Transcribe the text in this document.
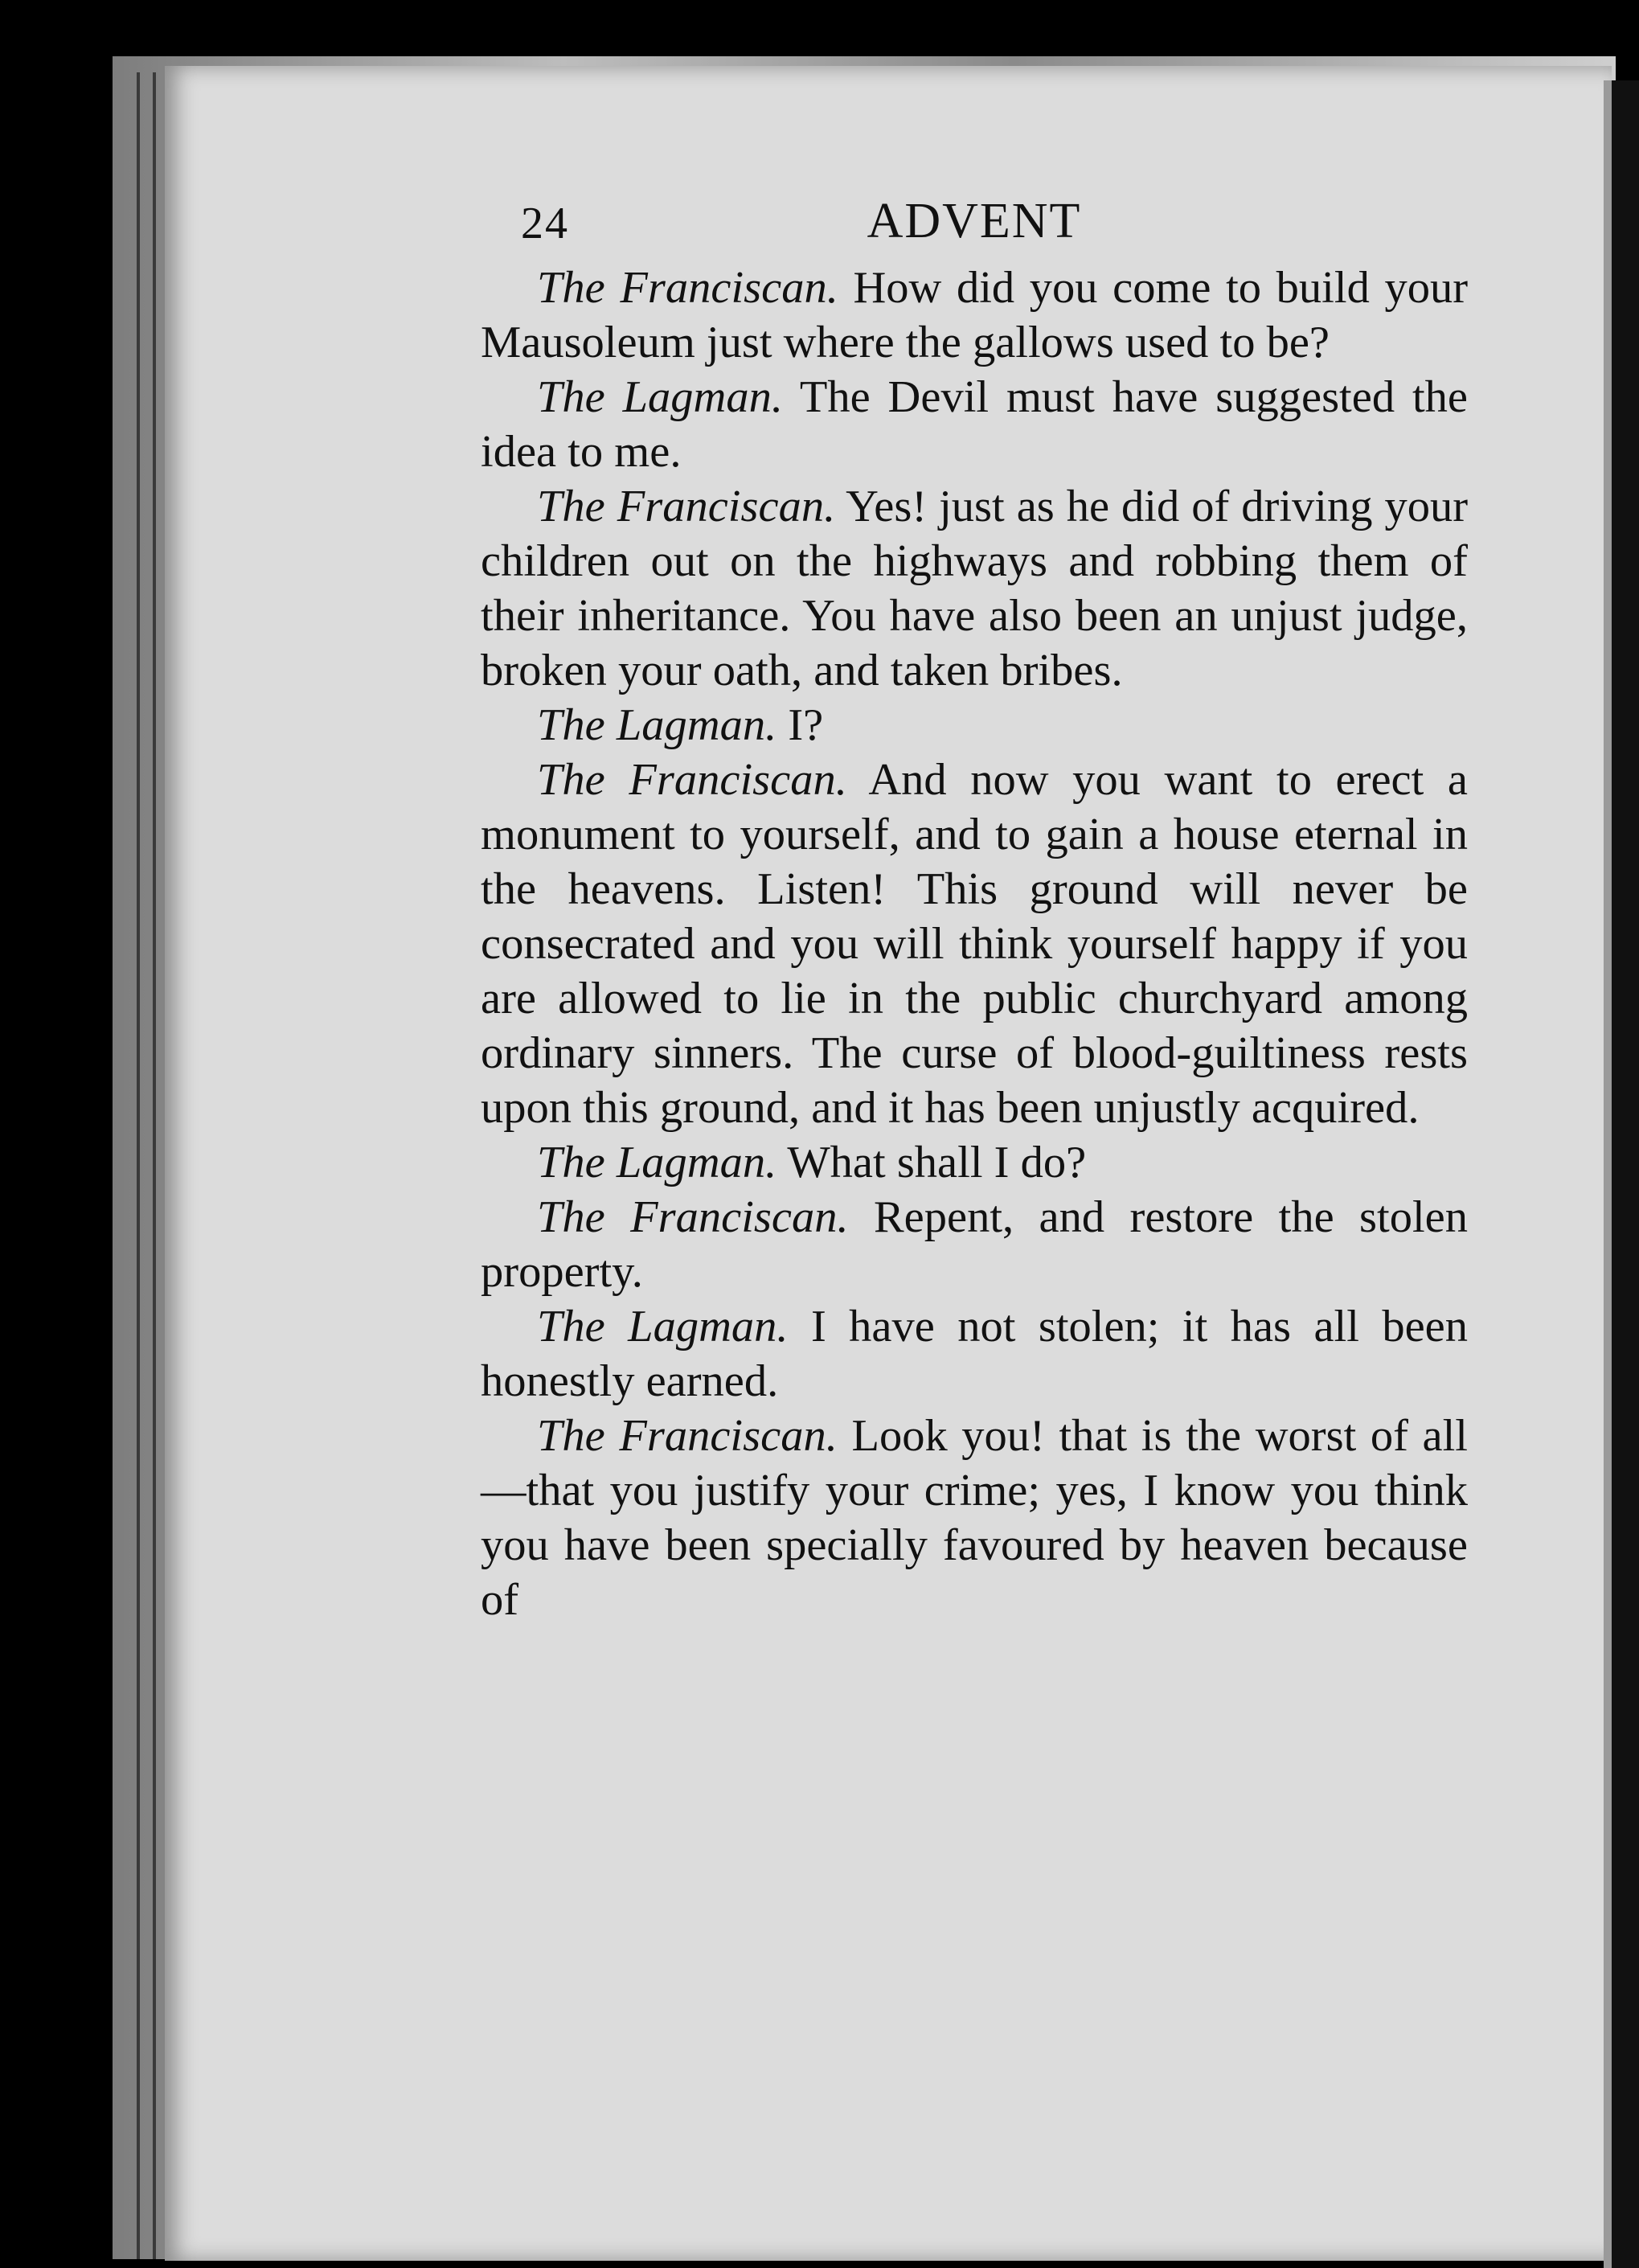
24	ADVENT

The Franciscan. How did you come to build your Mausoleum just where the gallows used to be?

The Lagman. The Devil must have suggested the idea to me.

The Franciscan. Yes! just as he did of driving your children out on the highways and robbing them of their inheritance. You have also been an unjust judge, broken your oath, and taken bribes.

The Lagman. I?

The Franciscan. And now you want to erect a monument to yourself, and to gain a house eternal in the heavens. Listen! This ground will never be consecrated and you will think yourself happy if you are allowed to lie in the public churchyard among ordinary sinners. The curse of blood-guiltiness rests upon this ground, and it has been unjustly acquired.

The Lagman. What shall I do?

The Franciscan. Repent, and restore the stolen property.

The Lagman. I have not stolen; it has all been honestly earned.

The Franciscan. Look you! that is the worst of all—that you justify your crime; yes, I know you think you have been specially favoured by heaven because of
